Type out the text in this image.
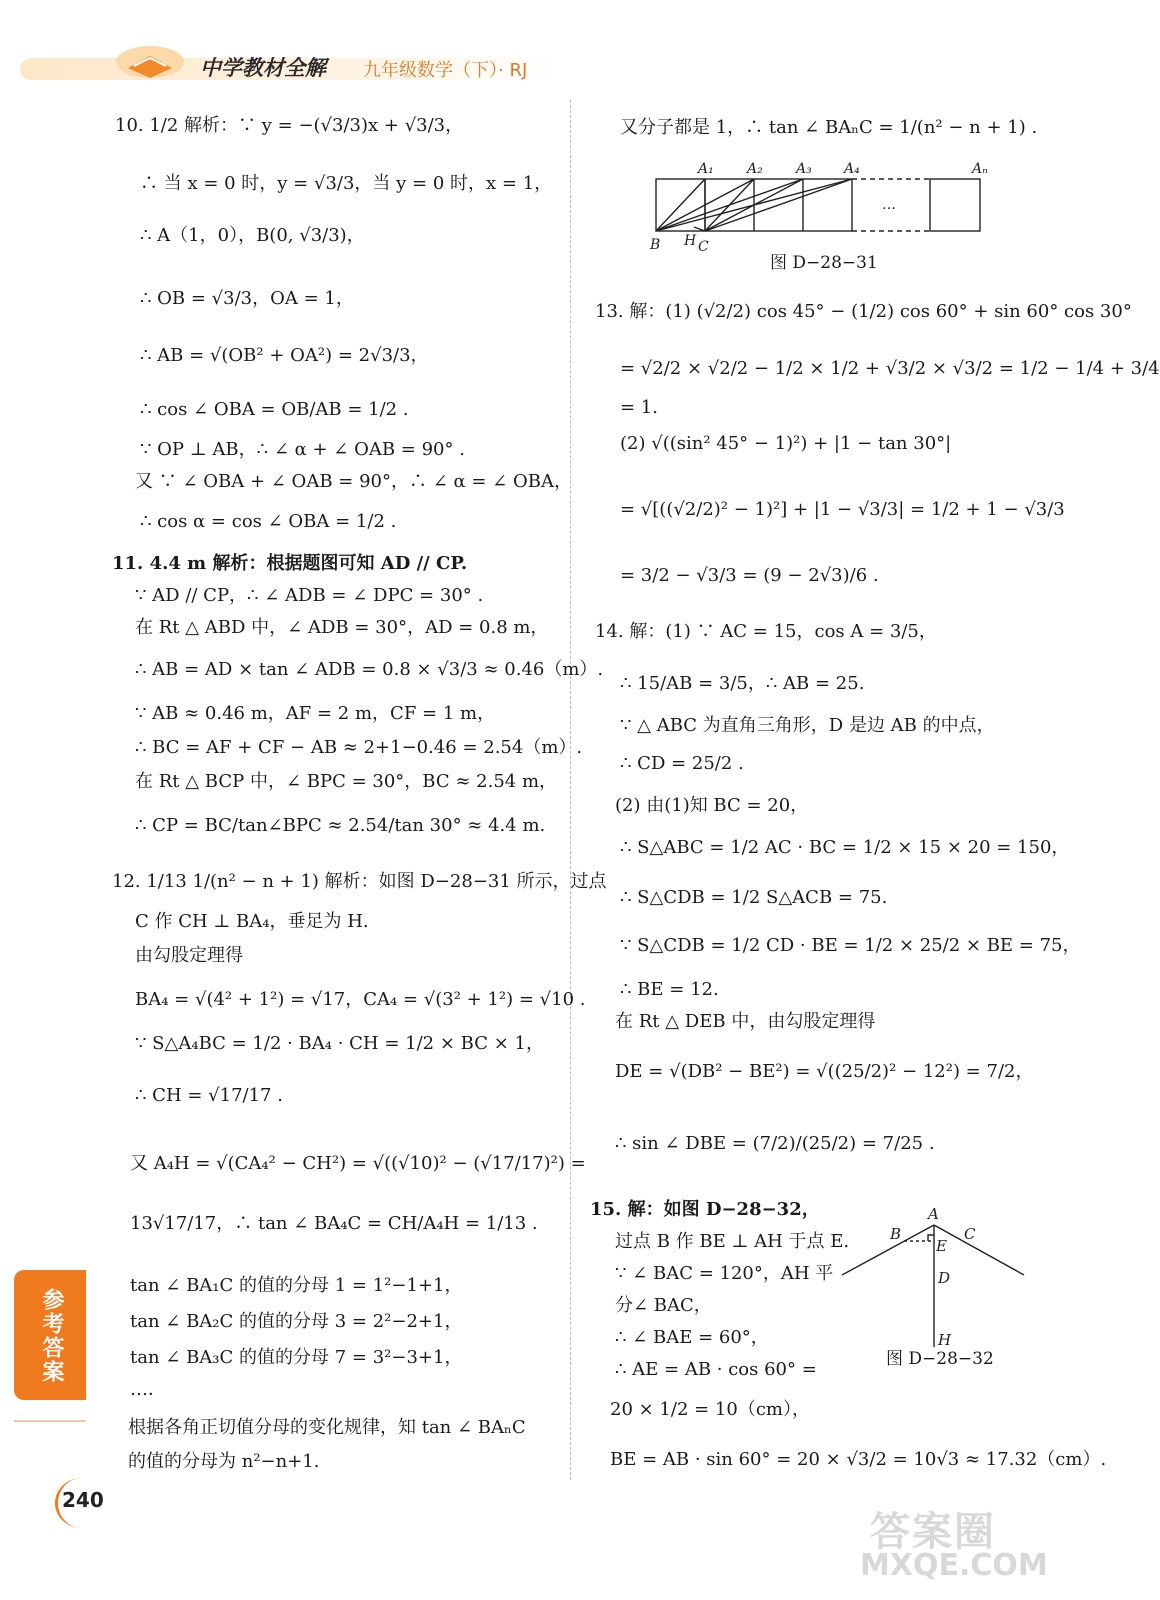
中学教材全解 九年级数学（下）· RJ
10. 1/2 解析：∵ y = −(√3/3)x + √3/3，
∴ 当 x = 0 时，y = √3/3，当 y = 0 时，x = 1，
∴ A（1，0），B(0, √3/3)，
∴ OB = √3/3，OA = 1，
∴ AB = √(OB² + OA²) = 2√3/3，
∴ cos ∠ OBA = OB/AB = 1/2 .
∵ OP ⊥ AB，∴ ∠ α + ∠ OAB = 90° .
又 ∵ ∠ OBA + ∠ OAB = 90°，∴ ∠ α = ∠ OBA，
∴ cos α = cos ∠ OBA = 1/2 .
11. 4.4 m 解析：根据题图可知 AD // CP.
∵ AD // CP，∴ ∠ ADB = ∠ DPC = 30° .
在 Rt △ ABD 中，∠ ADB = 30°，AD = 0.8 m，
∴ AB = AD × tan ∠ ADB = 0.8 × √3/3 ≈ 0.46（m）.
∵ AB ≈ 0.46 m，AF = 2 m，CF = 1 m，
∴ BC = AF + CF − AB ≈ 2+1−0.46 = 2.54（m）.
在 Rt △ BCP 中，∠ BPC = 30°，BC ≈ 2.54 m，
∴ CP = BC/tan∠BPC ≈ 2.54/tan 30° ≈ 4.4 m.
12. 1/13 1/(n² − n + 1) 解析：如图 D−28−31 所示，过点
C 作 CH ⊥ BA₄，垂足为 H.
由勾股定理得
BA₄ = √(4² + 1²) = √17，CA₄ = √(3² + 1²) = √10 .
∵ S△A₄BC = 1/2 · BA₄ · CH = 1/2 × BC × 1，
∴ CH = √17/17 .
又 A₄H = √(CA₄² − CH²) = √((√10)² − (√17/17)²) =
13√17/17，∴ tan ∠ BA₄C = CH/A₄H = 1/13 .
tan ∠ BA₁C 的值的分母 1 = 1²−1+1，
tan ∠ BA₂C 的值的分母 3 = 2²−2+1，
tan ∠ BA₃C 的值的分母 7 = 3²−3+1，
…．
根据各角正切值分母的变化规律，知 tan ∠ BAₙC
的值的分母为 n²−n+1.
又分子都是 1，∴ tan ∠ BAₙC = 1/(n² − n + 1) .
A₁ A₂ A₃ A₄	Aₙ
B H C
…
图 D−28−31
13. 解：(1) (√2/2) cos 45° − (1/2) cos 60° + sin 60° cos 30°
= √2/2 × √2/2 − 1/2 × 1/2 + √3/2 × √3/2 = 1/2 − 1/4 + 3/4
= 1.
(2) √((sin² 45° − 1)²) + |1 − tan 30°|
= √[((√2/2)² − 1)²] + |1 − √3/3| = 1/2 + 1 − √3/3
= 3/2 − √3/3 = (9 − 2√3)/6 .
14. 解：(1) ∵ AC = 15，cos A = 3/5，
∴ 15/AB = 3/5，∴ AB = 25.
∵ △ ABC 为直角三角形，D 是边 AB 的中点，
∴ CD = 25/2 .
(2) 由(1)知 BC = 20，
∴ S△ABC = 1/2 AC · BC = 1/2 × 15 × 20 = 150，
∴ S△CDB = 1/2 S△ACB = 75.
∵ S△CDB = 1/2 CD · BE = 1/2 × 25/2 × BE = 75，
∴ BE = 12.
在 Rt △ DEB 中，由勾股定理得
DE = √(DB² − BE²) = √((25/2)² − 12²) = 7/2，
∴ sin ∠ DBE = (7/2)/(25/2) = 7/25 .
15. 解：如图 D−28−32，
过点 B 作 BE ⊥ AH 于点 E.
∵ ∠ BAC = 120°，AH 平
分∠ BAC，
∴ ∠ BAE = 60°，
∴ AE = AB · cos 60° =
20 × 1/2 = 10（cm），
BE = AB · sin 60° = 20 × √3/2 = 10√3 ≈ 17.32（cm）.
A
B	C
E
D
H
图 D−28−32
参考答案
240
答案圈
MXQE.COM
